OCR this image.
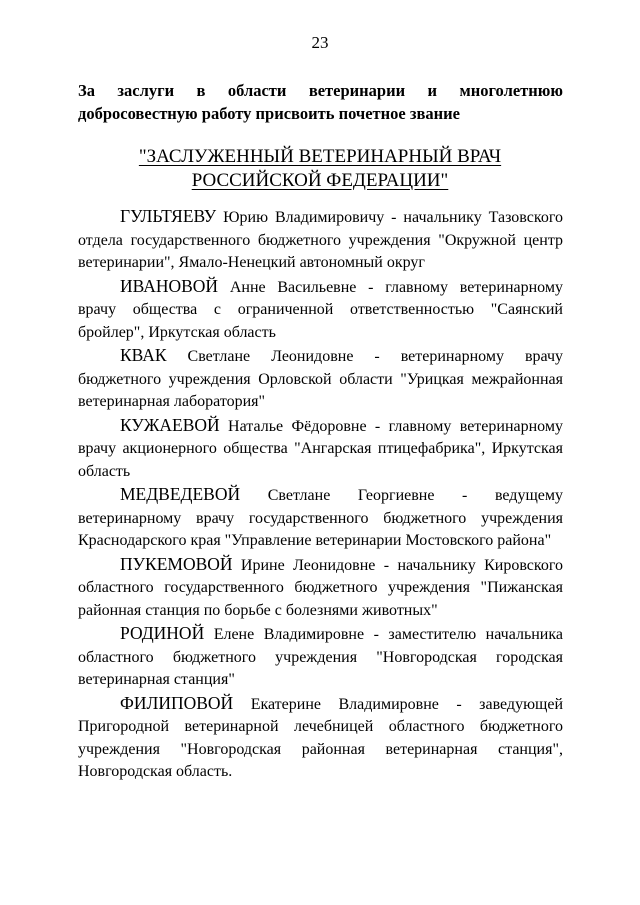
23
За заслуги в области ветеринарии и многолетнюю
добросовестную работу присвоить почетное звание
"ЗАСЛУЖЕННЫЙ ВЕТЕРИНАРНЫЙ ВРАЧ
РОССИЙСКОЙ ФЕДЕРАЦИИ"

ГУЛЬТЯЕВУ Юрию Владимировичу - начальнику Тазовского отдела государственного бюджетного учреждения "Окружной центр ветеринарии", Ямало-Ненецкий автономный округ

ИВАНОВОЙ Анне Васильевне - главному ветеринарному врачу общества с ограниченной ответственностью "Саянский бройлер", Иркутская область

КВАК Светлане Леонидовне - ветеринарному врачу бюджетного учреждения Орловской области "Урицкая межрайонная ветеринарная лаборатория"

КУЖАЕВОЙ Наталье Фёдоровне - главному ветеринарному врачу акционерного общества "Ангарская птицефабрика", Иркутская область

МЕДВЕДЕВОЙ Светлане Георгиевне - ведущему ветеринарному врачу государственного бюджетного учреждения Краснодарского края "Управление ветеринарии Мостовского района"

ПУКЕМОВОЙ Ирине Леонидовне - начальнику Кировского областного государственного бюджетного учреждения "Пижанская районная станция по борьбе с болезнями животных"

РОДИНОЙ Елене Владимировне - заместителю начальника областного бюджетного учреждения "Новгородская городская ветеринарная станция"

ФИЛИПОВОЙ Екатерине Владимировне - заведующей Пригородной ветеринарной лечебницей областного бюджетного учреждения "Новгородская районная ветеринарная станция", Новгородская область.
